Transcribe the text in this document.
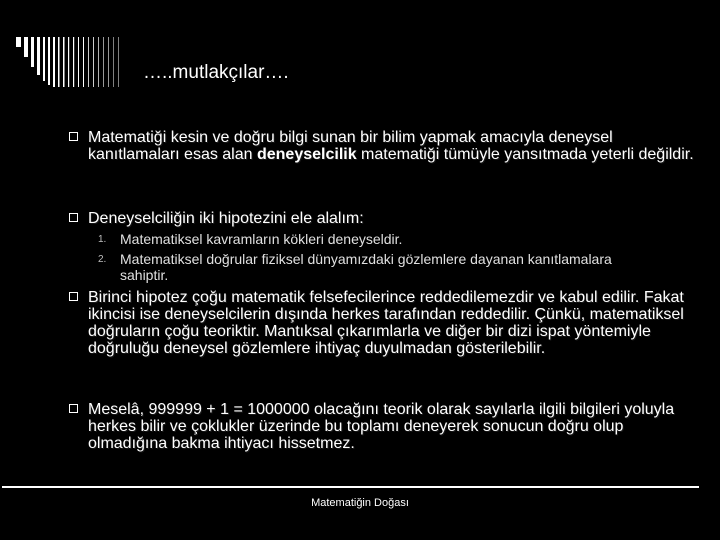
…..mutlakçılar….
Matematiği kesin ve doğru bilgi sunan bir bilim yapmak amacıyla deneysel kanıtlamaları esas alan deneyselcilik matematiği tümüyle yansıtmada yeterli değildir.
Deneyselciliğin iki hipotezini ele alalım:
1. Matematiksel kavramların kökleri deneyseldir.
2. Matematiksel doğrular fiziksel dünyamızdaki gözlemlere dayanan kanıtlamalara sahiptir.
Birinci hipotez çoğu matematik felsefecilerince reddedilemezdir ve kabul edilir. Fakat ikincisi ise deneyselcilerin dışında herkes tarafından reddedilir. Çünkü, matematiksel doğruların çoğu teoriktir. Mantıksal çıkarımlarla ve diğer bir dizi ispat yöntemiyle doğruluğu deneysel gözlemlere ihtiyaç duyulmadan gösterilebilir.
Meselâ, 999999 + 1 = 1000000 olacağını teorik olarak sayılarla ilgili bilgileri yoluyla herkes bilir ve çoklukler üzerinde bu toplamı deneyerek sonucun doğru olup olmadığına bakma ihtiyacı hissetmez.
Matematiğin Doğası
